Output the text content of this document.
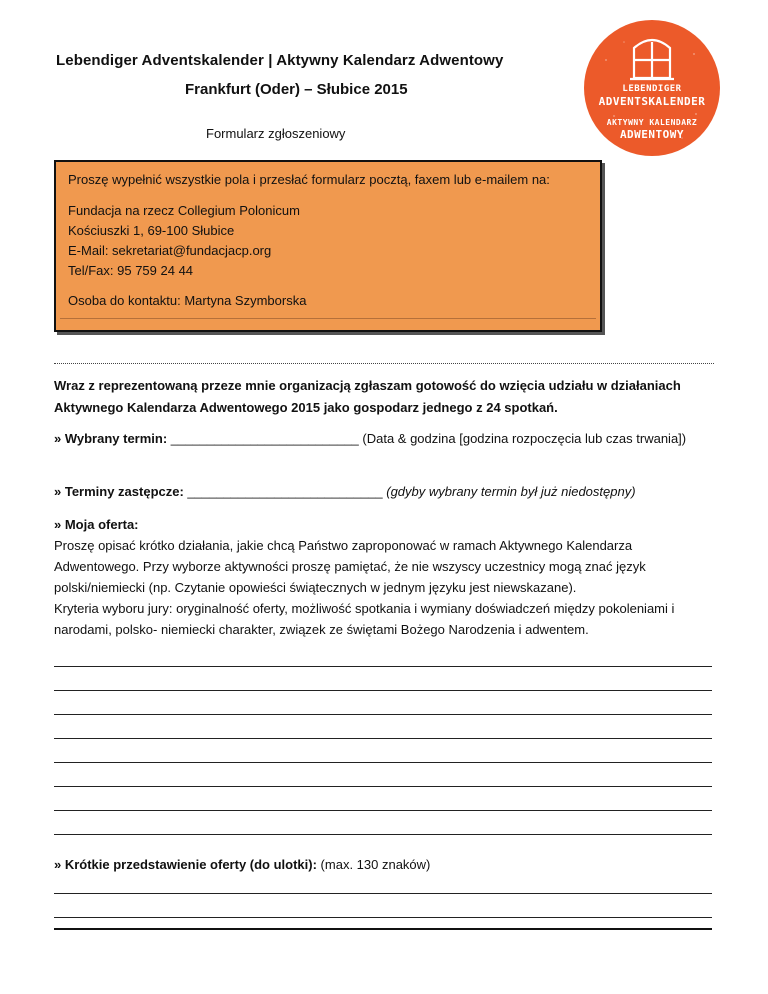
Lebendiger Adventskalender | Aktywny Kalendarz Adwentowy
Frankfurt (Oder) – Słubice 2015
Formularz zgłoszeniowy
LEBENDIGER
ADVENTSKALENDER
AKTYWNY KALENDARZ
ADWENTOWY

Proszę wypełnić wszystkie pola i przesłać formularz pocztą, faxem lub e-mailem na:

Fundacja na rzecz Collegium Polonicum

Kościuszki 1, 69-100 Słubice

E-Mail: sekretariat@fundacjacp.org

Tel/Fax: 95 759 24 44

Osoba do kontaktu: Martyna Szymborska

Wraz z reprezentowaną przeze mnie organizacją zgłaszam gotowość do wzięcia udziału w działaniach Aktywnego Kalendarza Adwentowego 2015 jako gospodarz jednego z 24 spotkań.
» Wybrany termin: __________________________ (Data & godzina [godzina rozpoczęcia lub czas trwania])
» Terminy zastępcze: ___________________________ (gdyby wybrany termin był już niedostępny)
» Moja oferta:
Proszę opisać krótko działania, jakie chcą Państwo zaproponować w ramach Aktywnego Kalendarza Adwentowego. Przy wyborze aktywności proszę pamiętać, że nie wszyscy uczestnicy mogą znać język polski/niemiecki (np. Czytanie opowieści świątecznych w jednym języku jest niewskazane).
Kryteria wyboru jury: oryginalność oferty, możliwość spotkania i wymiany doświadczeń między pokoleniami i narodami, polsko- niemiecki charakter, związek ze świętami Bożego Narodzenia i adwentem.
» Krótkie przedstawienie oferty (do ulotki): (max. 130 znaków)
